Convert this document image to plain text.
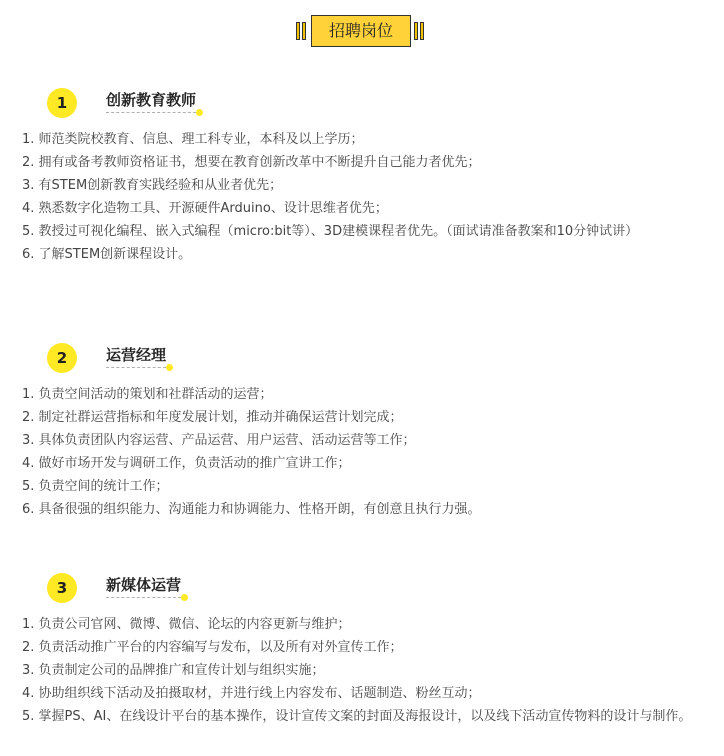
招聘岗位
1	创新教育教师
1. 师范类院校教育、信息、理工科专业，本科及以上学历；
2. 拥有或备考教师资格证书，想要在教育创新改革中不断提升自己能力者优先；
3. 有STEM创新教育实践经验和从业者优先；
4. 熟悉数字化造物工具、开源硬件Arduino、设计思维者优先；
5. 教授过可视化编程、嵌入式编程（micro:bit等）、3D建模课程者优先。（面试请准备教案和10分钟试讲）
6. 了解STEM创新课程设计。
2	运营经理
1. 负责空间活动的策划和社群活动的运营；
2. 制定社群运营指标和年度发展计划，推动并确保运营计划完成；
3. 具体负责团队内容运营、产品运营、用户运营、活动运营等工作；
4. 做好市场开发与调研工作，负责活动的推广宣讲工作；
5. 负责空间的统计工作；
6. 具备很强的组织能力、沟通能力和协调能力、性格开朗，有创意且执行力强。
3	新媒体运营
1. 负责公司官网、微博、微信、论坛的内容更新与维护；
2. 负责活动推广平台的内容编写与发布，以及所有对外宣传工作；
3. 负责制定公司的品牌推广和宣传计划与组织实施；
4. 协助组织线下活动及拍摄取材，并进行线上内容发布、话题制造、粉丝互动；
5. 掌握PS、AI、在线设计平台的基本操作，设计宣传文案的封面及海报设计，以及线下活动宣传物料的设计与制作。
